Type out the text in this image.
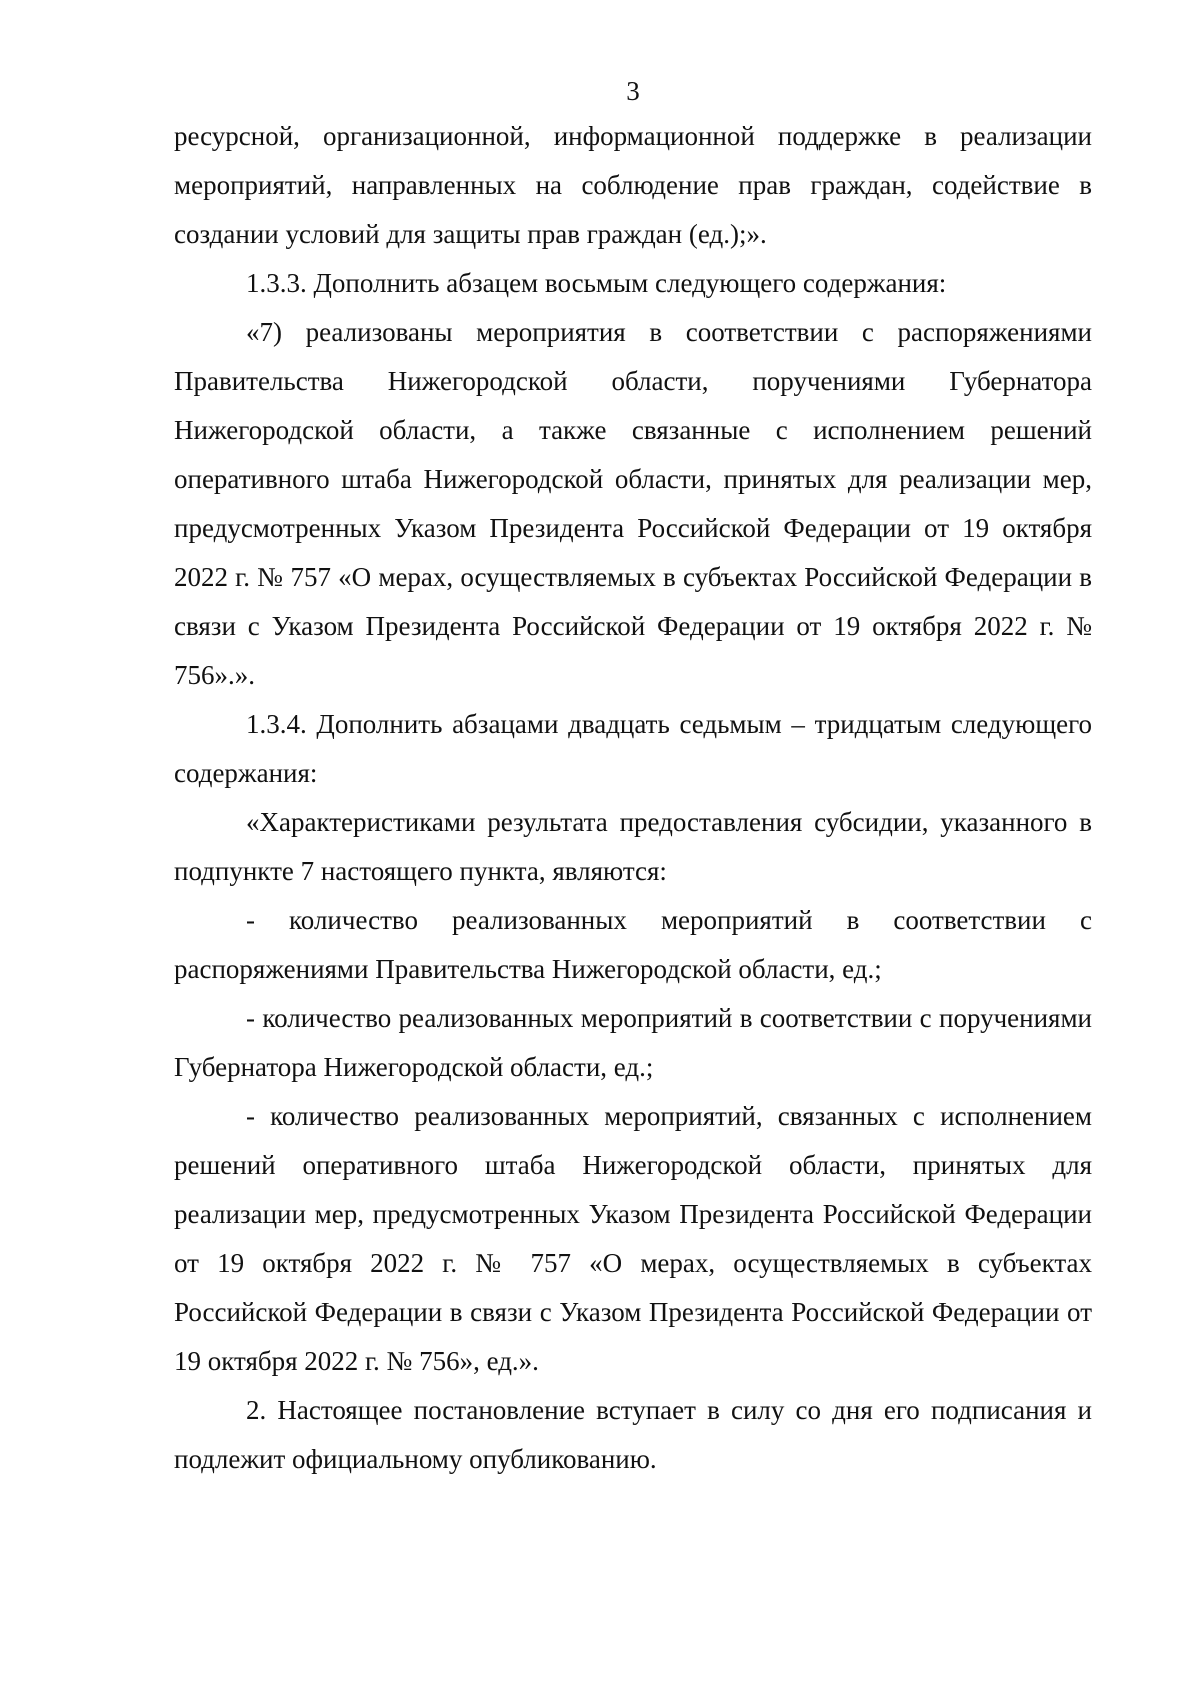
3

ресурсной, организационной, информационной поддержке в реализации мероприятий, направленных на соблюдение прав граждан, содействие в создании условий для защиты прав граждан (ед.);».

1.3.3. Дополнить абзацем восьмым следующего содержания:

«7) реализованы мероприятия в соответствии с распоряжениями Правительства Нижегородской области, поручениями Губернатора Нижегородской области, а также связанные с исполнением решений оперативного штаба Нижегородской области, принятых для реализации мер, предусмотренных Указом Президента Российской Федерации от 19 октября 2022 г. № 757 «О мерах, осуществляемых в субъектах Российской Федерации в связи с Указом Президента Российской Федерации от 19 октября 2022 г. № 756».».

1.3.4. Дополнить абзацами двадцать седьмым – тридцатым следующего содержания:

«Характеристиками результата предоставления субсидии, указанного в подпункте 7 настоящего пункта, являются:

- количество реализованных мероприятий в соответствии с распоряжениями Правительства Нижегородской области, ед.;

- количество реализованных мероприятий в соответствии с поручениями Губернатора Нижегородской области, ед.;

- количество реализованных мероприятий, связанных с исполнением решений оперативного штаба Нижегородской области, принятых для реализации мер, предусмотренных Указом Президента Российской Федерации от 19 октября 2022 г. № 757 «О мерах, осуществляемых в субъектах Российской Федерации в связи с Указом Президента Российской Федерации от 19 октября 2022 г. № 756», ед.».

2. Настоящее постановление вступает в силу со дня его подписания и подлежит официальному опубликованию.
